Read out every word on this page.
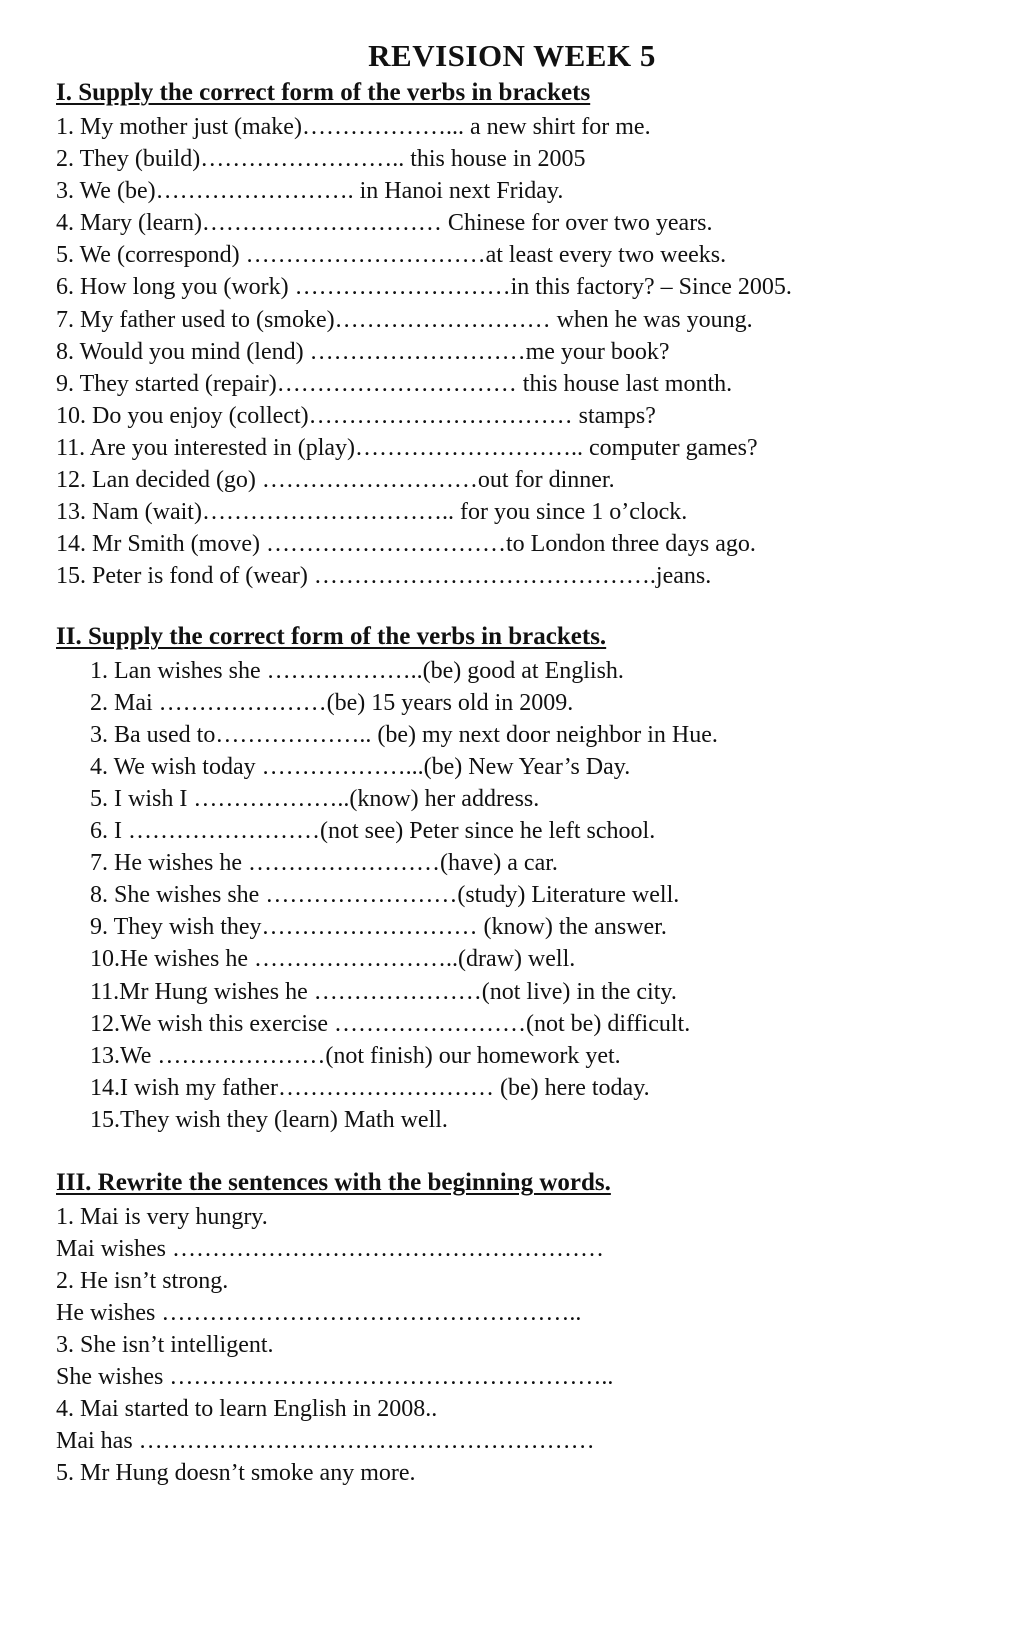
REVISION WEEK 5
I. Supply the correct form of the verbs in brackets
1. My mother just (make)………………... a new shirt for me.
2. They (build)…………………….. this house in 2005
3. We (be)……………………. in Hanoi next Friday.
4. Mary (learn)………………………… Chinese for over two years.
5. We (correspond) …………………………at least every two weeks.
6. How long you (work) ………………………in this factory? – Since 2005.
7. My father used to (smoke)……………………… when he was young.
8. Would you mind (lend) ………………………me your book?
9. They started (repair)………………………… this house last month.
10. Do you enjoy (collect)…………………………… stamps?
11. Are you interested in (play)……………………….. computer games?
12. Lan decided (go) ………………………out for dinner.
13. Nam (wait)………………………….. for you since 1 o’clock.
14. Mr Smith (move) …………………………to London three days ago.
15. Peter is fond of (wear) …………………………………….jeans.
II. Supply the correct form of the verbs in brackets.
1. Lan wishes she ………………..(be) good at English.
2. Mai …………………(be) 15 years old in 2009.
3. Ba used to……………….. (be) my next door neighbor in Hue.
4. We wish today ………………...(be) New Year’s Day.
5. I wish I ………………..(know) her address.
6. I ……………………(not see) Peter since he left school.
7. He wishes he ……………………(have) a car.
8. She wishes she ……………………(study) Literature well.
9. They wish they……………………… (know) the answer.
10.He wishes he ……………………..(draw) well.
11.Mr Hung wishes he …………………(not live) in the city.
12.We wish this exercise ……………………(not be) difficult.
13.We …………………(not finish) our homework yet.
14.I wish my father……………………… (be) here today.
15.They wish they (learn) Math well.
III. Rewrite the sentences with the beginning words.
1. Mai is very hungry.
Mai wishes ………………………………………………
2. He isn’t strong.
He wishes ……………………………………………..
3. She isn’t intelligent.
She wishes ………………………………………………..
4. Mai started to learn English in 2008..
Mai has …………………………………………………
5. Mr Hung doesn’t smoke any more.
